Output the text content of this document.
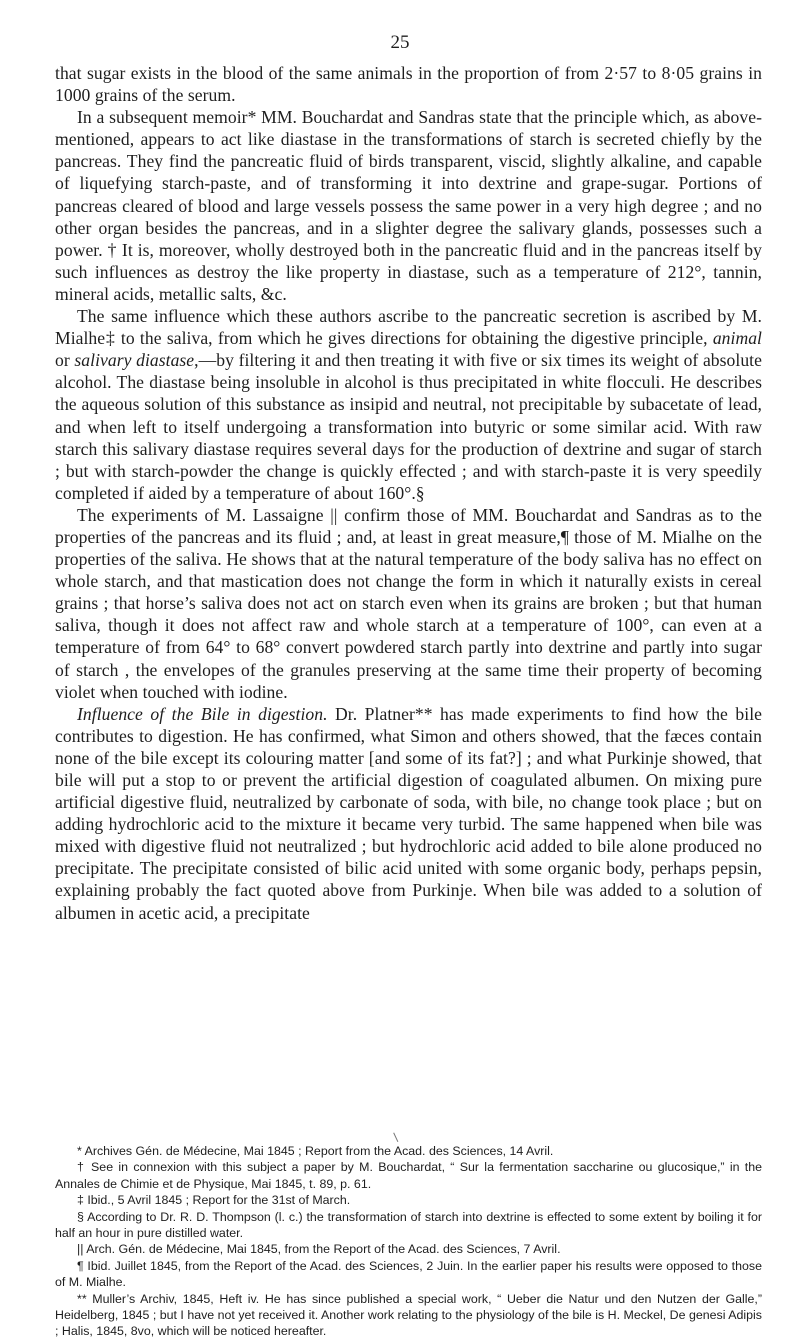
25

that sugar exists in the blood of the same animals in the proportion of from 2·57 to 8·05 grains in 1000 grains of the serum.

In a subsequent memoir* MM. Bouchardat and Sandras state that the principle which, as above-mentioned, appears to act like diastase in the transformations of starch is secreted chiefly by the pancreas. They find the pancreatic fluid of birds transparent, viscid, slightly alkaline, and capable of liquefying starch-paste, and of transforming it into dextrine and grape-sugar. Portions of pancreas cleared of blood and large vessels possess the same power in a very high degree ; and no other organ besides the pancreas, and in a slighter degree the salivary glands, possesses such a power. † It is, moreover, wholly destroyed both in the pancreatic fluid and in the pancreas itself by such influences as destroy the like property in diastase, such as a temperature of 212°, tannin, mineral acids, metallic salts, &c.

The same influence which these authors ascribe to the pancreatic secretion is ascribed by M. Mialhe‡ to the saliva, from which he gives directions for obtaining the digestive principle, animal or salivary diastase,—by filtering it and then treating it with five or six times its weight of absolute alcohol. The diastase being insoluble in alcohol is thus precipitated in white flocculi. He describes the aqueous solution of this substance as insipid and neutral, not precipitable by subacetate of lead, and when left to itself undergoing a transformation into butyric or some similar acid. With raw starch this salivary diastase requires several days for the production of dextrine and sugar of starch ; but with starch-powder the change is quickly effected ; and with starch-paste it is very speedily completed if aided by a temperature of about 160°.§

The experiments of M. Lassaigne || confirm those of MM. Bouchardat and Sandras as to the properties of the pancreas and its fluid ; and, at least in great measure,¶ those of M. Mialhe on the properties of the saliva. He shows that at the natural temperature of the body saliva has no effect on whole starch, and that mastication does not change the form in which it naturally exists in cereal grains ; that horse’s saliva does not act on starch even when its grains are broken ; but that human saliva, though it does not affect raw and whole starch at a temperature of 100°, can even at a temperature of from 64° to 68° convert powdered starch partly into dextrine and partly into sugar of starch , the envelopes of the granules preserving at the same time their property of becoming violet when touched with iodine.

Influence of the Bile in digestion. Dr. Platner** has made experiments to find how the bile contributes to digestion. He has confirmed, what Simon and others showed, that the fæces contain none of the bile except its colouring matter [and some of its fat?] ; and what Purkinje showed, that bile will put a stop to or prevent the artificial digestion of coagulated albumen. On mixing pure artificial digestive fluid, neutralized by carbonate of soda, with bile, no change took place ; but on adding hydrochloric acid to the mixture it became very turbid. The same happened when bile was mixed with digestive fluid not neutralized ; but hydrochloric acid added to bile alone produced no precipitate. The precipitate consisted of bilic acid united with some organic body, perhaps pepsin, explaining probably the fact quoted above from Purkinje. When bile was added to a solution of albumen in acetic acid, a precipitate

* Archives Gén. de Médecine, Mai 1845 ; Report from the Acad. des Sciences, 14 Avril.

† See in connexion with this subject a paper by M. Bouchardat, “ Sur la fermentation saccharine ou glucosique,” in the Annales de Chimie et de Physique, Mai 1845, t. 89, p. 61.

‡ Ibid., 5 Avril 1845 ; Report for the 31st of March.

§ According to Dr. R. D. Thompson (l. c.) the transformation of starch into dextrine is effected to some extent by boiling it for half an hour in pure distilled water.

|| Arch. Gén. de Médecine, Mai 1845, from the Report of the Acad. des Sciences, 7 Avril.

¶ Ibid. Juillet 1845, from the Report of the Acad. des Sciences, 2 Juin. In the earlier paper his results were opposed to those of M. Mialhe.

** Muller’s Archiv, 1845, Heft iv. He has since published a special work, “ Ueber die Natur und den Nutzen der Galle,” Heidelberg, 1845 ; but I have not yet received it. Another work relating to the physiology of the bile is H. Meckel, De genesi Adipis ; Halis, 1845, 8vo, which will be noticed hereafter.
